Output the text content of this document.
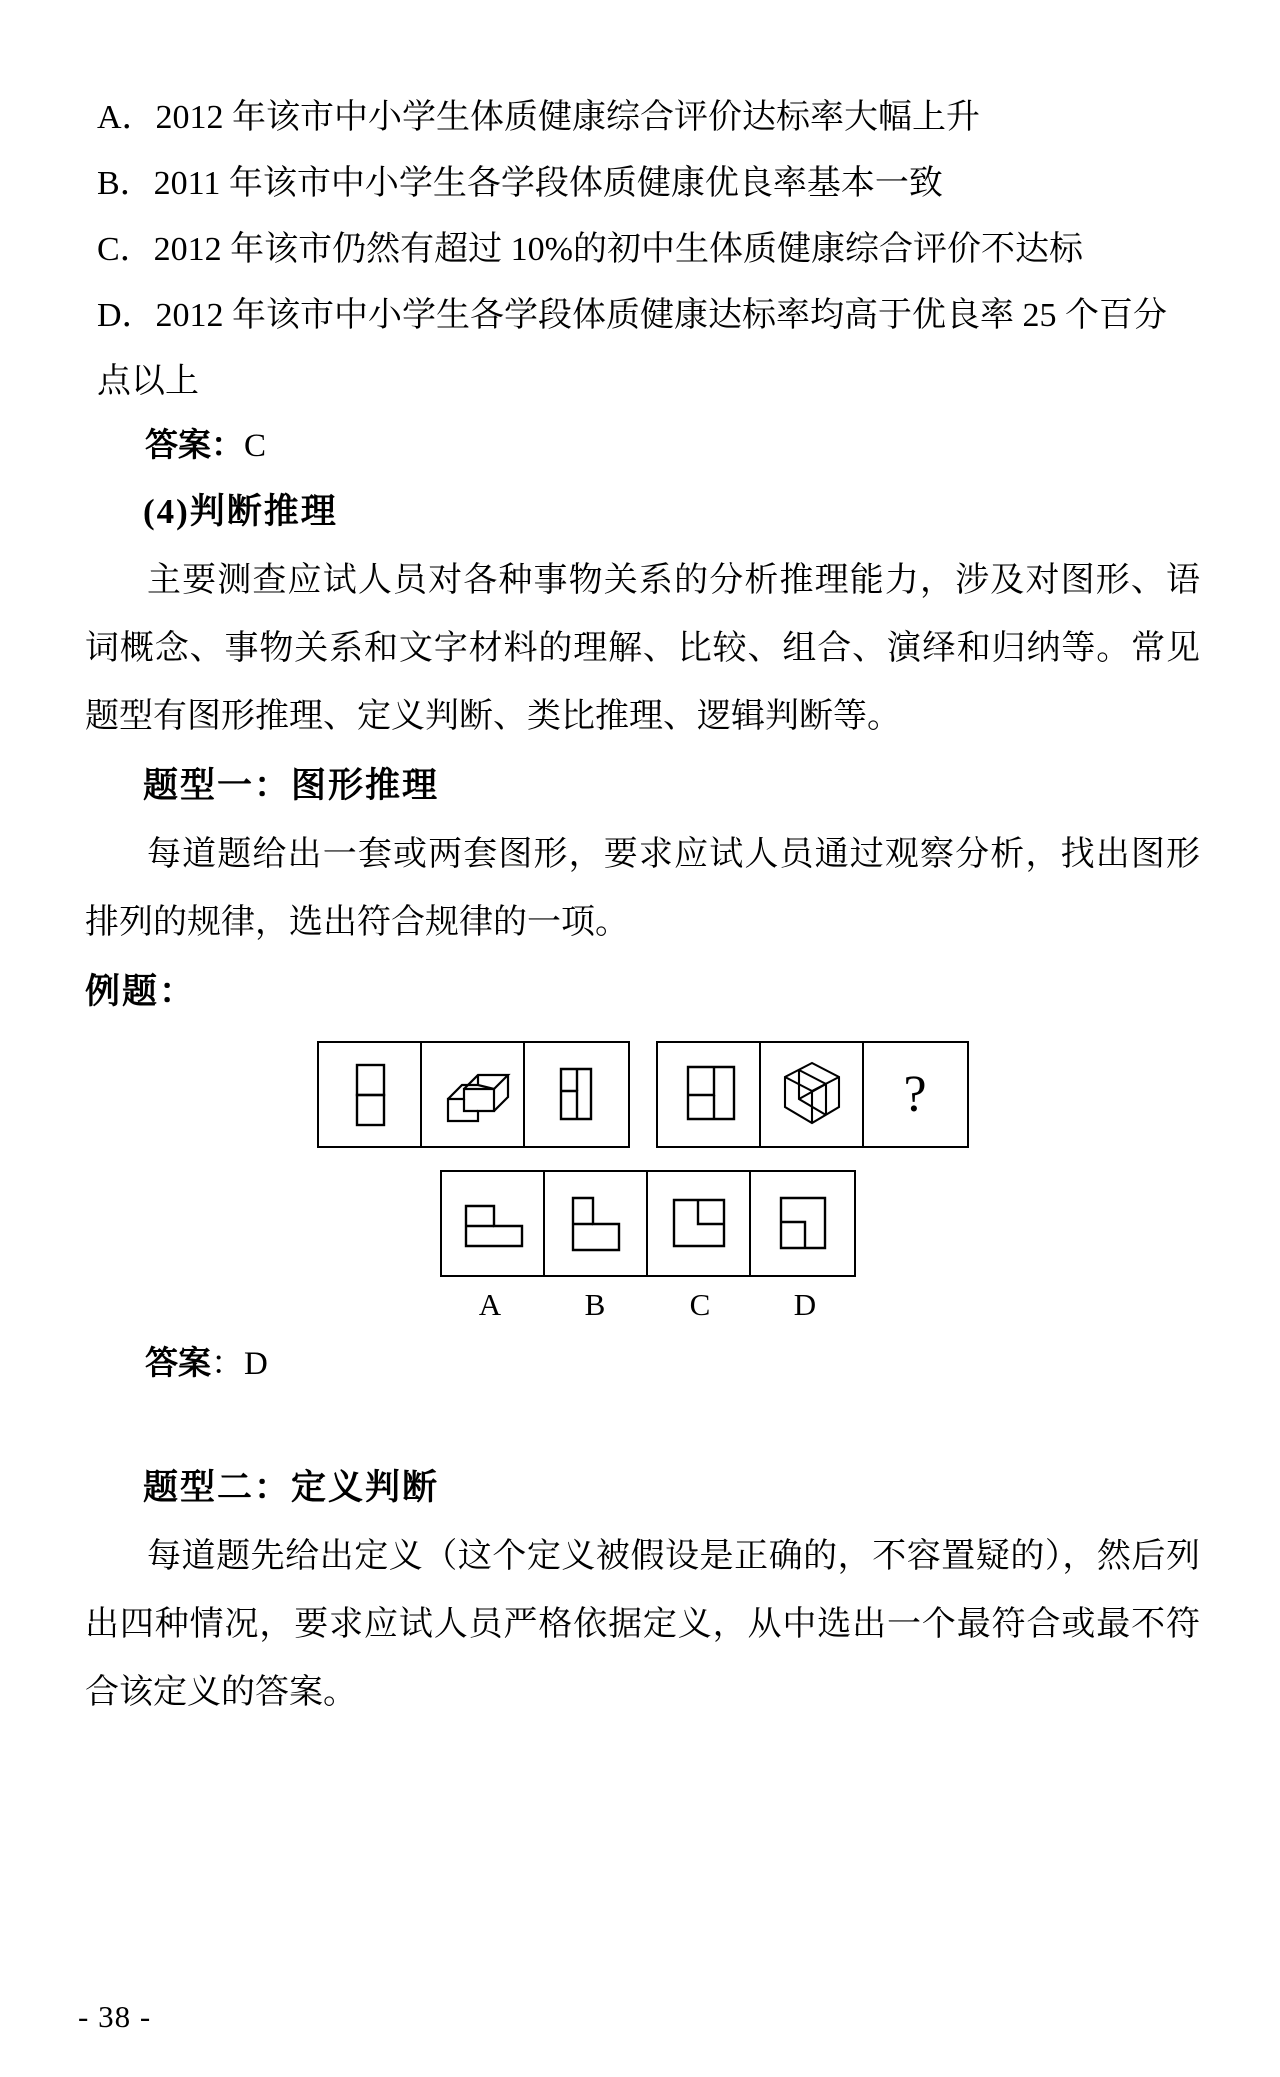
A．2012 年该市中小学生体质健康综合评价达标率大幅上升
B．2011 年该市中小学生各学段体质健康优良率基本一致
C．2012 年该市仍然有超过 10%的初中生体质健康综合评价不达标
D．2012 年该市中小学生各学段体质健康达标率均高于优良率 25 个百分点以上
答案：C
(4)判断推理
主要测查应试人员对各种事物关系的分析推理能力，涉及对图形、语词概念、事物关系和文字材料的理解、比较、组合、演绎和归纳等。常见题型有图形推理、定义判断、类比推理、逻辑判断等。
题型一：图形推理
每道题给出一套或两套图形，要求应试人员通过观察分析，找出图形排列的规律，选出符合规律的一项。
例题：
?
A	B	C	D
答案：D
题型二：定义判断
每道题先给出定义（这个定义被假设是正确的，不容置疑的），然后列出四种情况，要求应试人员严格依据定义，从中选出一个最符合或最不符合该定义的答案。
- 38 -
